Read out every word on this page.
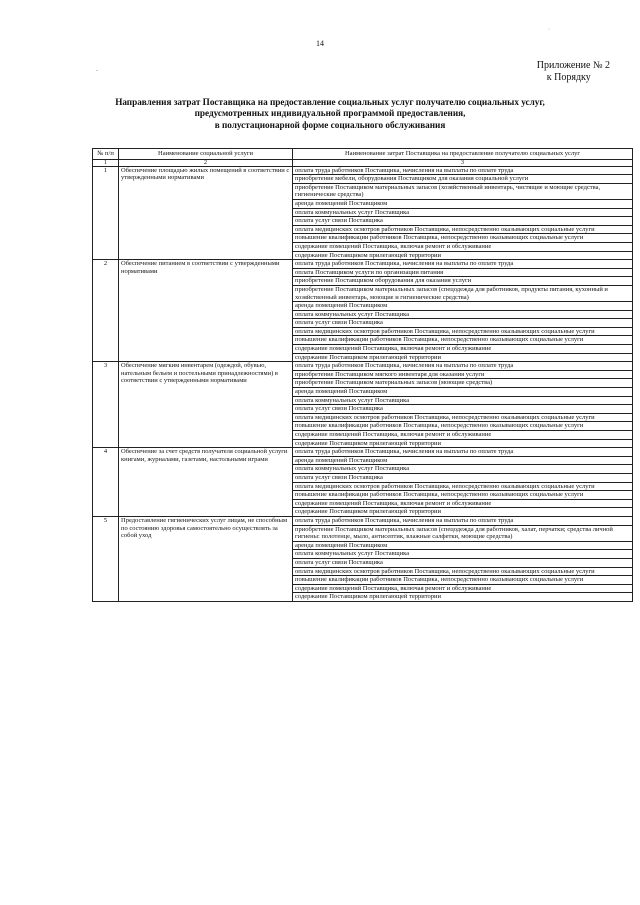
14
Приложение № 2
к Порядку
Направления затрат Поставщика на предоставление социальных услуг получателю социальных услуг,
предусмотренных индивидуальной программой предоставления,
в полустационарной форме социального обслуживания
№ п/п	Наименование социальной услуги	Наименование затрат Поставщика на предоставление получателю социальных услуг
1	2	3
1	Обеспечение площадью жилых помещений в соответствии с утвержденными нормативами	оплата труда работников Поставщика, начисления на выплаты по оплате труда
		приобретение мебели, оборудования Поставщиком для оказания социальной услуги
		приобретение Поставщиком материальных запасов (хозяйственный инвентарь, чистящие и моющие средства, гигиенические средства)
		аренда помещений Поставщиком
		оплата коммунальных услуг Поставщика
		оплата услуг связи Поставщика
		оплата медицинских осмотров работников Поставщика, непосредственно оказывающих социальные услуги
		повышение квалификации работников Поставщика, непосредственно оказывающих социальные услуги
		содержание помещений Поставщика, включая ремонт и обслуживание
		содержание Поставщиком прилегающей территории
2	Обеспечение питанием в соответствии с утвержденными нормативами	оплата труда работников Поставщика, начисления на выплаты по оплате труда
		оплата Поставщиком услуги по организации питания
		приобретение Поставщиком оборудования для оказания услуги
		приобретение Поставщиком материальных запасов (спецодежда для работников, продукты питания, кухонный и хозяйственный инвентарь, моющие и гигиенические средства)
		аренда помещений Поставщиком
		оплата коммунальных услуг Поставщика
		оплата услуг связи Поставщика
		оплата медицинских осмотров работников Поставщика, непосредственно оказывающих социальные услуги
		повышение квалификации работников Поставщика, непосредственно оказывающих социальные услуги
		содержание помещений Поставщика, включая ремонт и обслуживание
		содержание Поставщиком прилегающей территории
3	Обеспечение мягким инвентарем (одеждой, обувью, нательным бельем и постельными принадлежностями) в соответствии с утвержденными нормативами	оплата труда работников Поставщика, начисления на выплаты по оплате труда
		приобретение Поставщиком мягкого инвентаря для оказания услуги
		приобретение Поставщиком материальных запасов (моющие средства)
		аренда помещений Поставщиком
		оплата коммунальных услуг Поставщика
		оплата услуг связи Поставщика
		оплата медицинских осмотров работников Поставщика, непосредственно оказывающих социальные услуги
		повышение квалификации работников Поставщика, непосредственно оказывающих социальные услуги
		содержание помещений Поставщика, включая ремонт и обслуживание
		содержание Поставщиком прилегающей территории
4	Обеспечение за счет средств получателя социальной услуги книгами, журналами, газетами, настольными играми	оплата труда работников Поставщика, начисления на выплаты по оплате труда
		аренда помещений Поставщиком
		оплата коммунальных услуг Поставщика
		оплата услуг связи Поставщика
		оплата медицинских осмотров работников Поставщика, непосредственно оказывающих социальные услуги
		повышение квалификации работников Поставщика, непосредственно оказывающих социальные услуги
		содержание помещений Поставщика, включая ремонт и обслуживание
		содержание Поставщиком прилегающей территории
5	Предоставление гигиенических услуг лицам, не способным по состоянию здоровья самостоятельно осуществлять за собой уход	оплата труда работников Поставщика, начисления на выплаты по оплате труда
		приобретение Поставщиком материальных запасов (спецодежда для работников, халат, перчатки; средства личной гигиены: полотенце, мыло, антисептик, влажные салфетки, моющие средства)
		аренда помещений Поставщиком
		оплата коммунальных услуг Поставщика
		оплата услуг связи Поставщика
		оплата медицинских осмотров работников Поставщика, непосредственно оказывающих социальные услуги
		повышение квалификации работников Поставщика, непосредственно оказывающих социальные услуги
		содержание помещений Поставщика, включая ремонт и обслуживание
		содержание Поставщиком прилегающей территории
·
-
